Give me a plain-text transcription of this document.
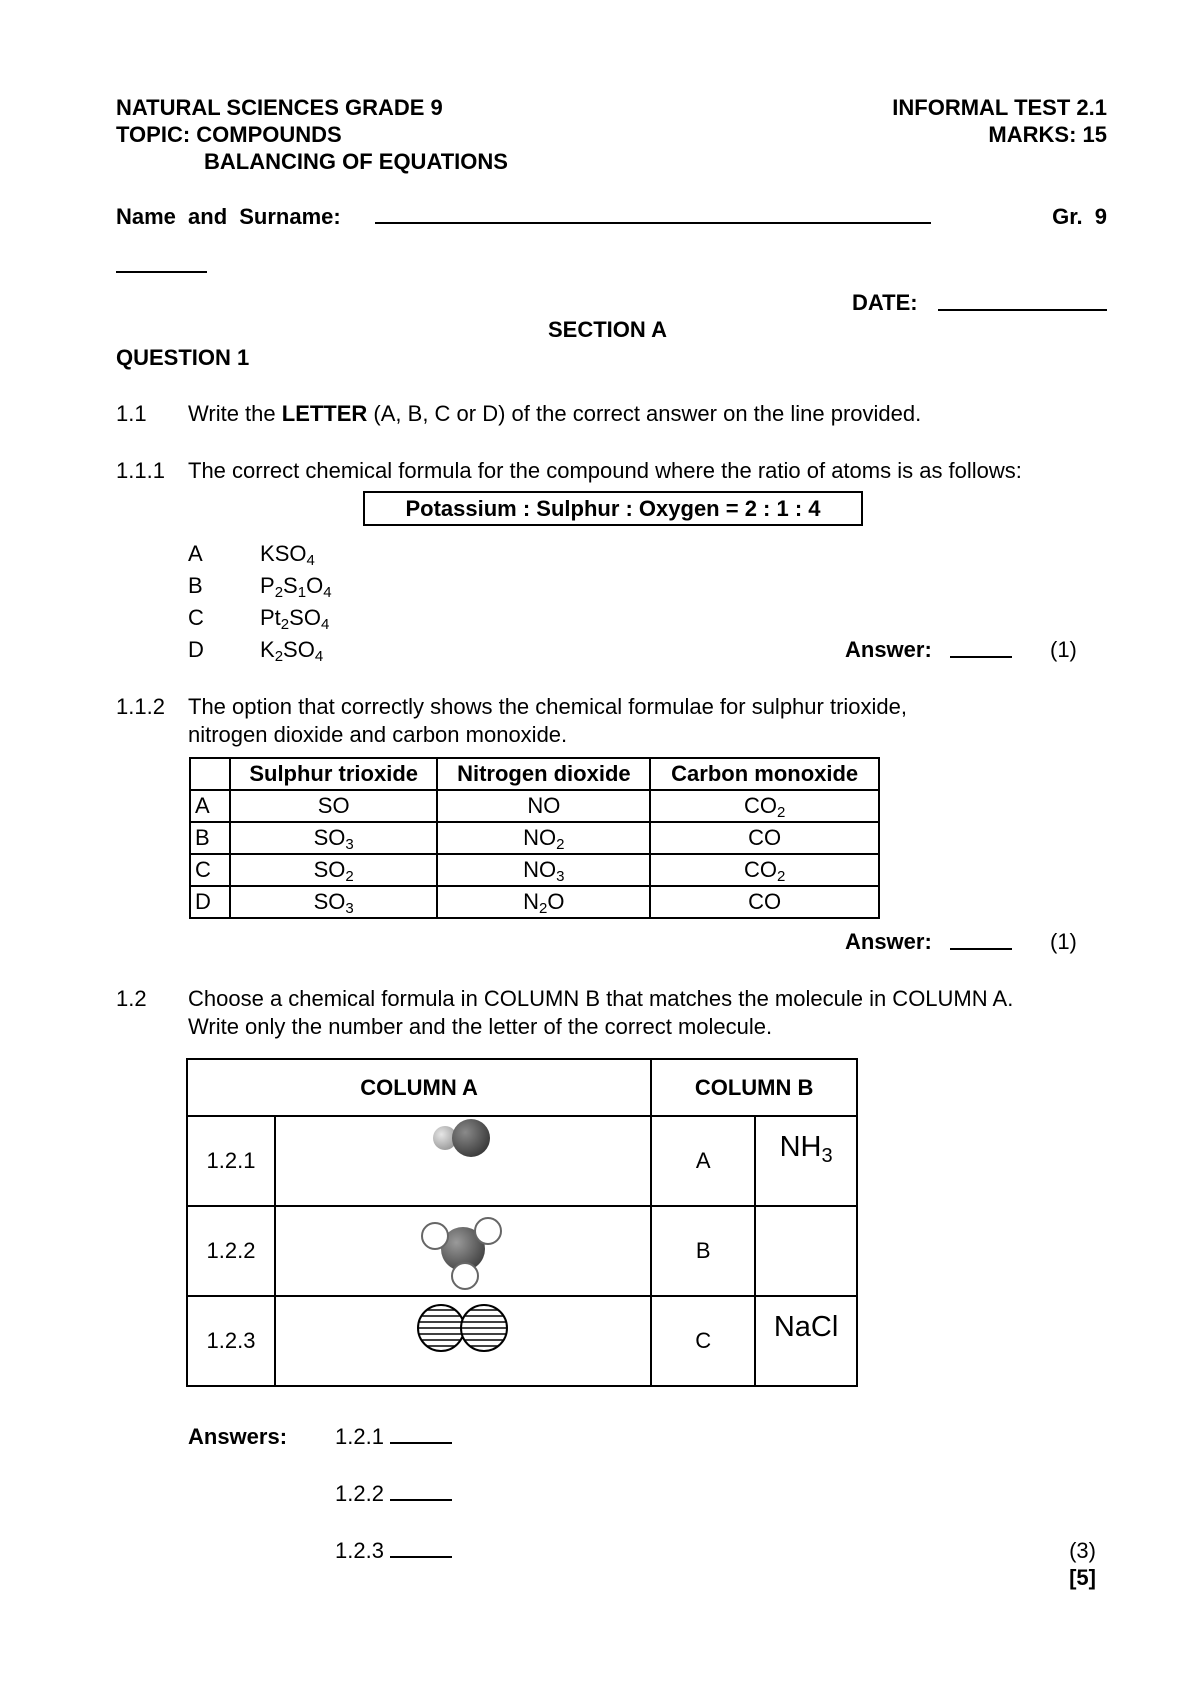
NATURAL SCIENCES GRADE 9	INFORMAL TEST 2.1
TOPIC: COMPOUNDS	MARKS: 15
BALANCING OF EQUATIONS
Name and Surname:	Gr. 9
DATE:
SECTION A
QUESTION 1
1.1 Write the LETTER (A, B, C or D) of the correct answer on the line provided.
1.1.1 The correct chemical formula for the compound where the ratio of atoms is as follows:
Potassium : Sulphur : Oxygen = 2 : 1 : 4
A	$KSO_4$
B	$P_2S_1O_4$
C	$Pt_2SO_4$
D	$K_2SO_4$	Answer:	(1)
1.1.2 The option that correctly shows the chemical formulae for sulphur trioxide,
nitrogen dioxide and carbon monoxide.
	Sulphur trioxide	Nitrogen dioxide	Carbon monoxide
A	SO	NO	$CO_2$
B	$SO_3$	$NO_2$	CO
C	$SO_2$	$NO_3$	$CO_2$
D	$SO_3$	$N_2O$	CO
Answer:	(1)
1.2 Choose a chemical formula in COLUMN B that matches the molecule in COLUMN A.
Write only the number and the letter of the correct molecule.
COLUMN A		COLUMN B	
1.2.1		A	$NH_3$
1.2.2		B	
1.2.3		C	NaCl
Answers: 1.2.1
1.2.2
1.2.3	(3)
[5]
